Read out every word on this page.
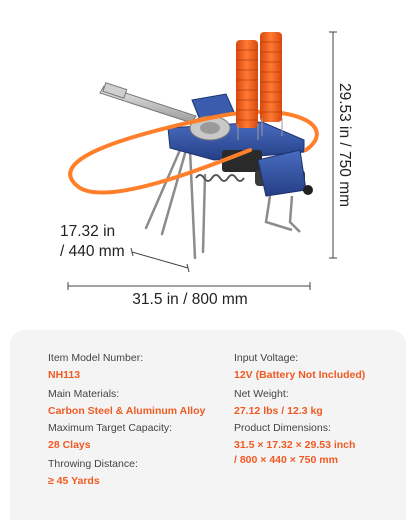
29.53 in / 750 mm
17.32 in
/ 440 mm
31.5 in / 800 mm
Item Model Number:
NH113
Main Materials:
Carbon Steel & Aluminum Alloy
Maximum Target Capacity:
28 Clays
Throwing Distance:
≥ 45 Yards
Input Voltage:
12V (Battery Not Included)
Net Weight:
27.12 lbs / 12.3 kg
Product Dimensions:
31.5 × 17.32 × 29.53 inch
/ 800 × 440 × 750 mm
